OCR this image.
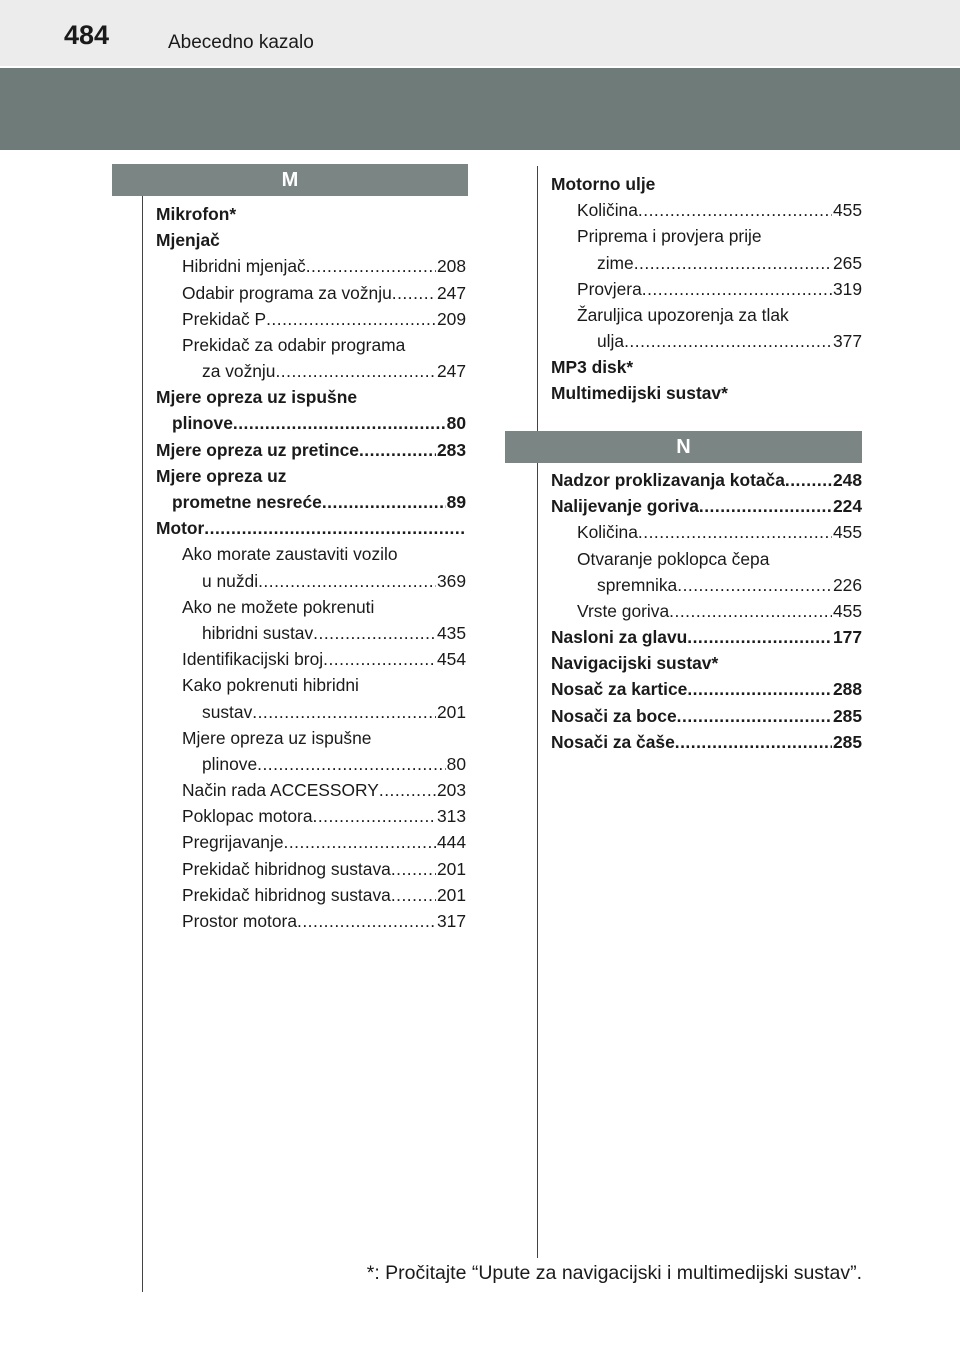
484	Abecedno kazalo
M
Mikrofon*
Mjenjač
Hibridni mjenjač .....	208
Odabir programa za vožnju .....	247
Prekidač P .....	209
Prekidač za odabir programa
za vožnju .....	247
Mjere opreza uz ispušne
plinove .....	80
Mjere opreza uz pretince .....	283
Mjere opreza uz
prometne nesreće .....	89
Motor
.....
Ako morate zaustaviti vozilo
u nuždi .....	369
Ako ne možete pokrenuti
hibridni sustav .....	435
Identifikacijski broj .....	454
Kako pokrenuti hibridni
sustav .....	201
Mjere opreza uz ispušne
plinove .....	80
Način rada ACCESSORY .....	203
Poklopac motora .....	313
Pregrijavanje .....	444
Prekidač hibridnog sustava .....	201
Prekidač hibridnog sustava .....	201
Prostor motora .....	317
Motorno ulje
Količina .....	455
Priprema i provjera prije
zime .....	265
Provjera .....	319
Žaruljica upozorenja za tlak
ulja .....	377
MP3 disk*
Multimedijski sustav*
N
Nadzor proklizavanja kotača .....	248
Nalijevanje goriva .....	224
Količina .....	455
Otvaranje poklopca čepa
spremnika .....	226
Vrste goriva .....	455
Nasloni za glavu .....	177
Navigacijski sustav*
Nosač za kartice .....	288
Nosači za boce .....	285
Nosači za čaše .....	285
*: Pročitajte “Upute za navigacijski i multimedijski sustav”.
